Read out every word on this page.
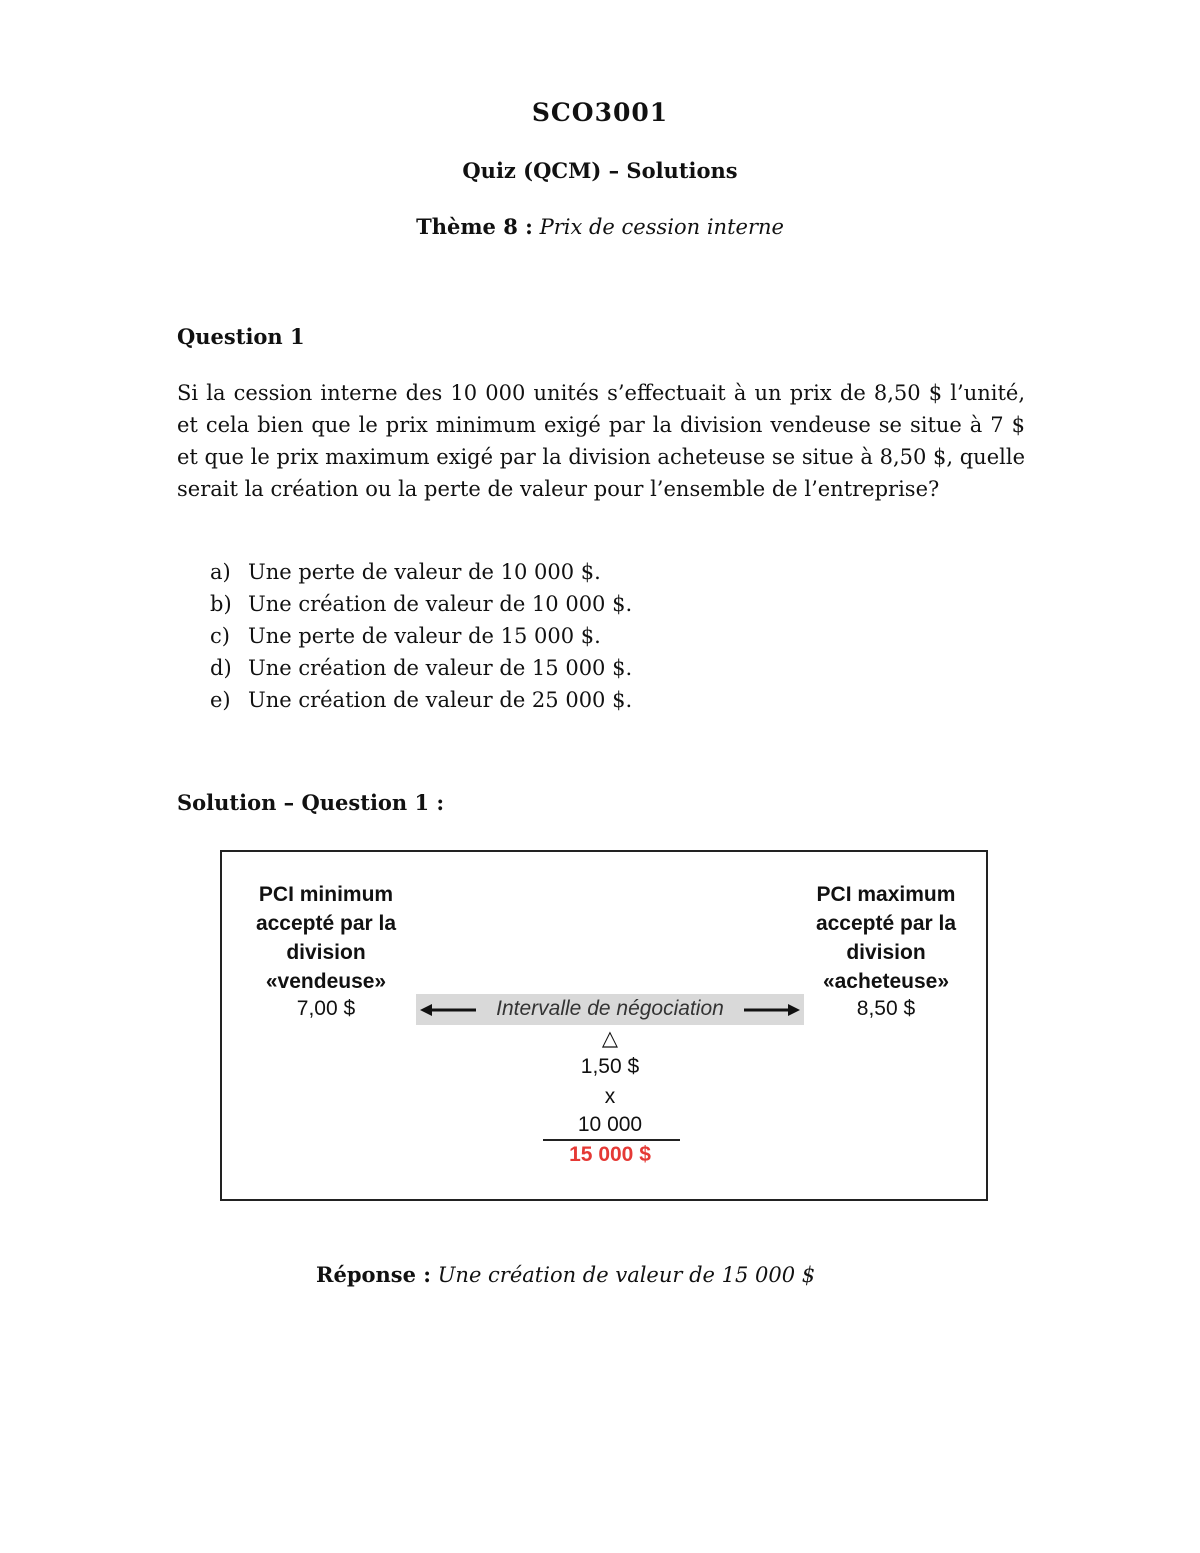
SCO3001
Quiz (QCM) – Solutions
Thème 8 : Prix de cession interne
Question 1
Si la cession interne des 10 000 unités s’effectuait à un prix de 8,50 $ l’unité, et cela bien que le prix minimum exigé par la division vendeuse se situe à 7 $ et que le prix maximum exigé par la division acheteuse se situe à 8,50 $, quelle serait la création ou la perte de valeur pour l’ensemble de l’entreprise?
a) Une perte de valeur de 10 000 $.
b) Une création de valeur de 10 000 $.
c) Une perte de valeur de 15 000 $.
d) Une création de valeur de 15 000 $.
e) Une création de valeur de 25 000 $.
Solution – Question 1 :
PCI minimum
accepté par la
division
«vendeuse»
7,00 $
PCI maximum
accepté par la
division
«acheteuse»
8,50 $
Intervalle de négociation
△
1,50 $
x
10 000
15 000 $
Réponse : Une création de valeur de 15 000 $
